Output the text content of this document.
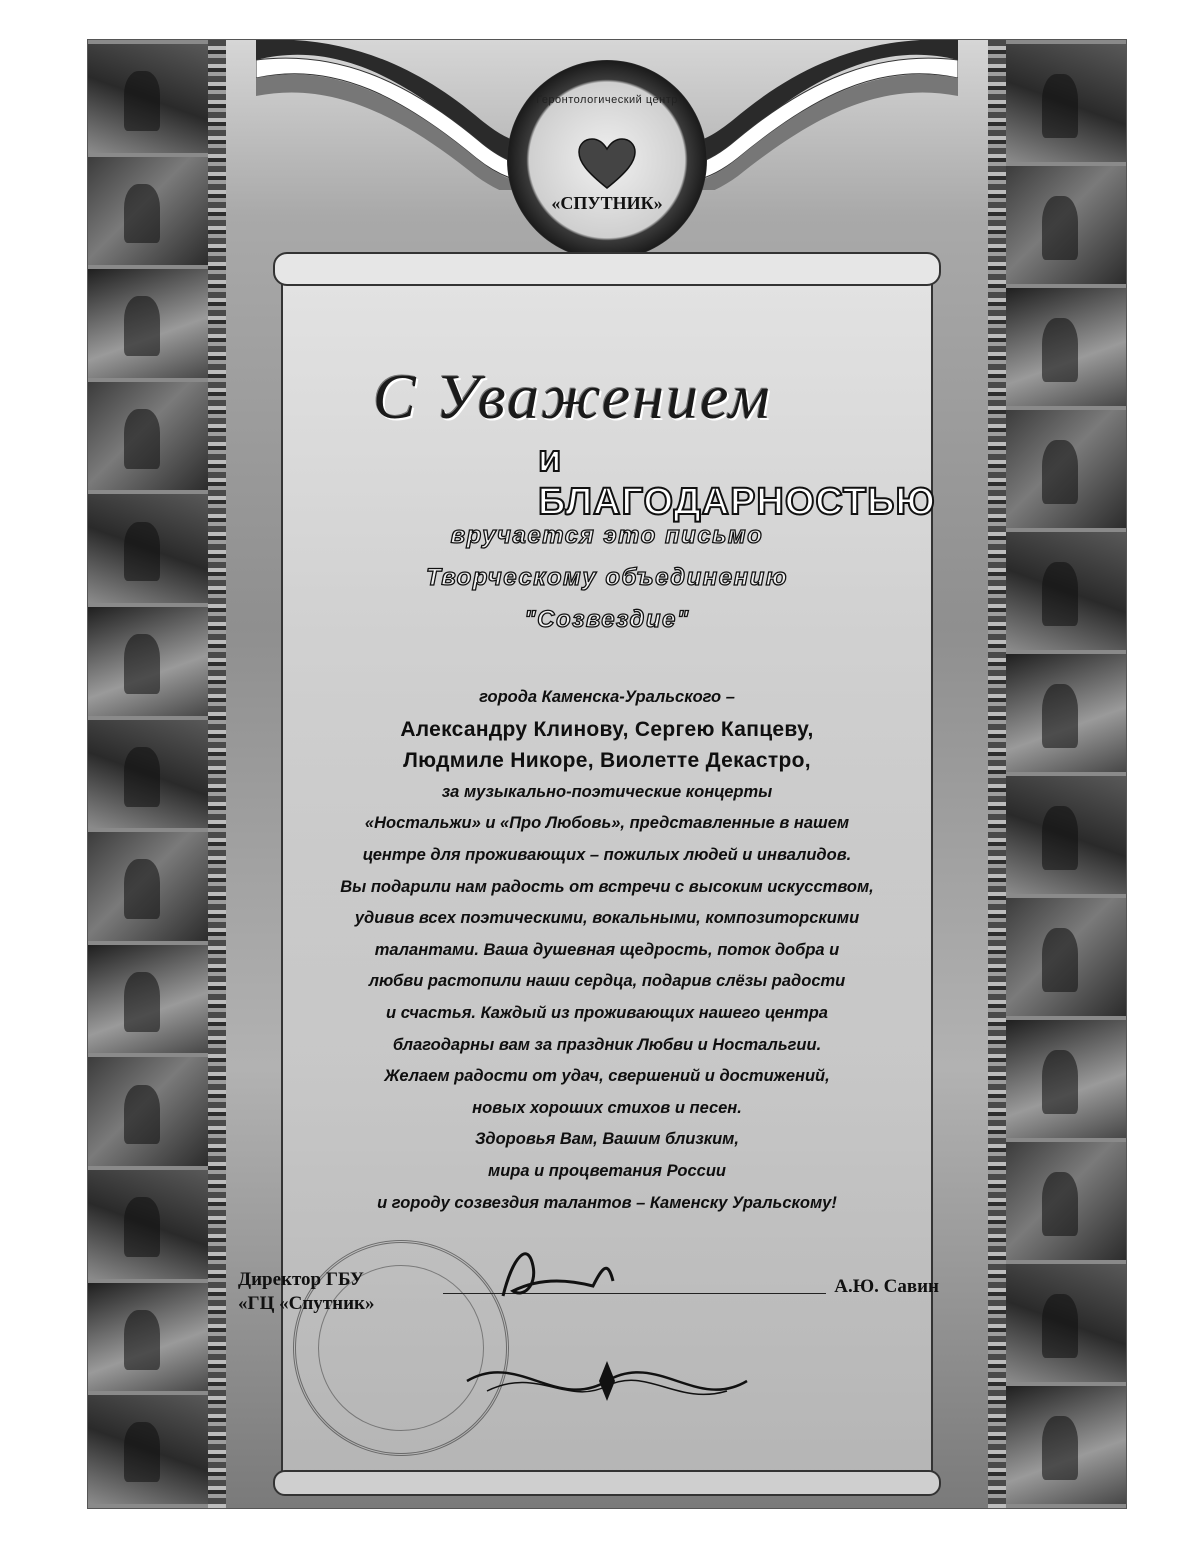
Геронтологический центр
«СПУТНИК»
С Уважением
и БЛАГОДАРНОСТЬЮ
вручается это письмо
Творческому объединению
"Созвездие"

города Каменска-Уральского –

Александру Клинову, Сергею Капцеву,

Людмиле Никоре, Виолетте Декастро,

за музыкально-поэтические концерты

«Ностальжи» и «Про Любовь», представленные в нашем

центре для проживающих – пожилых людей и инвалидов.

Вы подарили нам радость от встречи с высоким искусством,

удивив всех поэтическими, вокальными, композиторскими

талантами. Ваша душевная щедрость, поток добра и

любви растопили наши сердца, подарив слёзы радости

и счастья. Каждый из проживающих нашего центра

благодарны вам за праздник Любви и Ностальгии.

Желаем радости от удач, свершений и достижений,

новых хороших стихов и песен.

Здоровья Вам, Вашим близким,

мира и процветания России

и городу созвездия талантов – Каменску Уральскому!

Директор ГБУ
«ГЦ «Спутник»
А.Ю. Савин
